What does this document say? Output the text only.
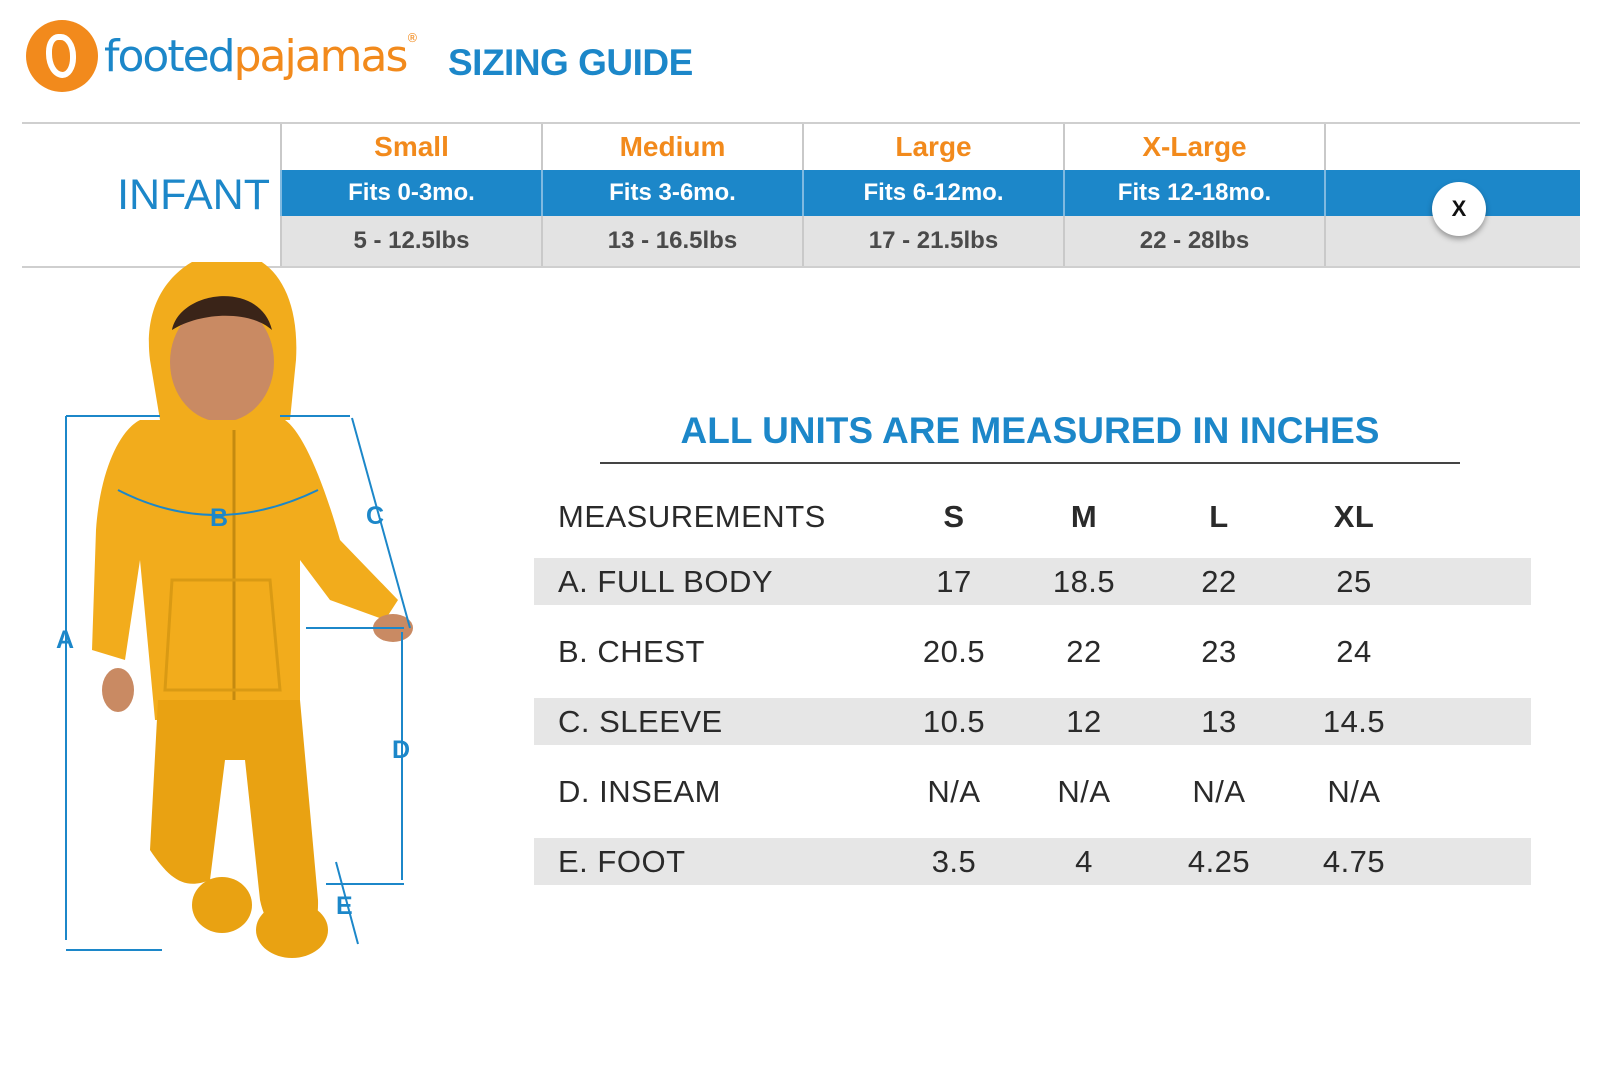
footedpajamas®
SIZING GUIDE
INFANT
Small	Medium	Large	X-Large
Fits 0-3mo.	Fits 3-6mo.	Fits 6-12mo.	Fits 12-18mo.
5 - 12.5lbs	13 - 16.5lbs	17 - 21.5lbs	22 - 28lbs
X
A
B	C
D
E
ALL UNITS ARE MEASURED IN INCHES
MEASUREMENTS	S	M	L	XL
A. FULL BODY	17	18.5	22	25
B. CHEST	20.5	22	23	24
C. SLEEVE	10.5	12	13	14.5
D. INSEAM	N/A	N/A	N/A	N/A
E. FOOT	3.5	4	4.25	4.75
